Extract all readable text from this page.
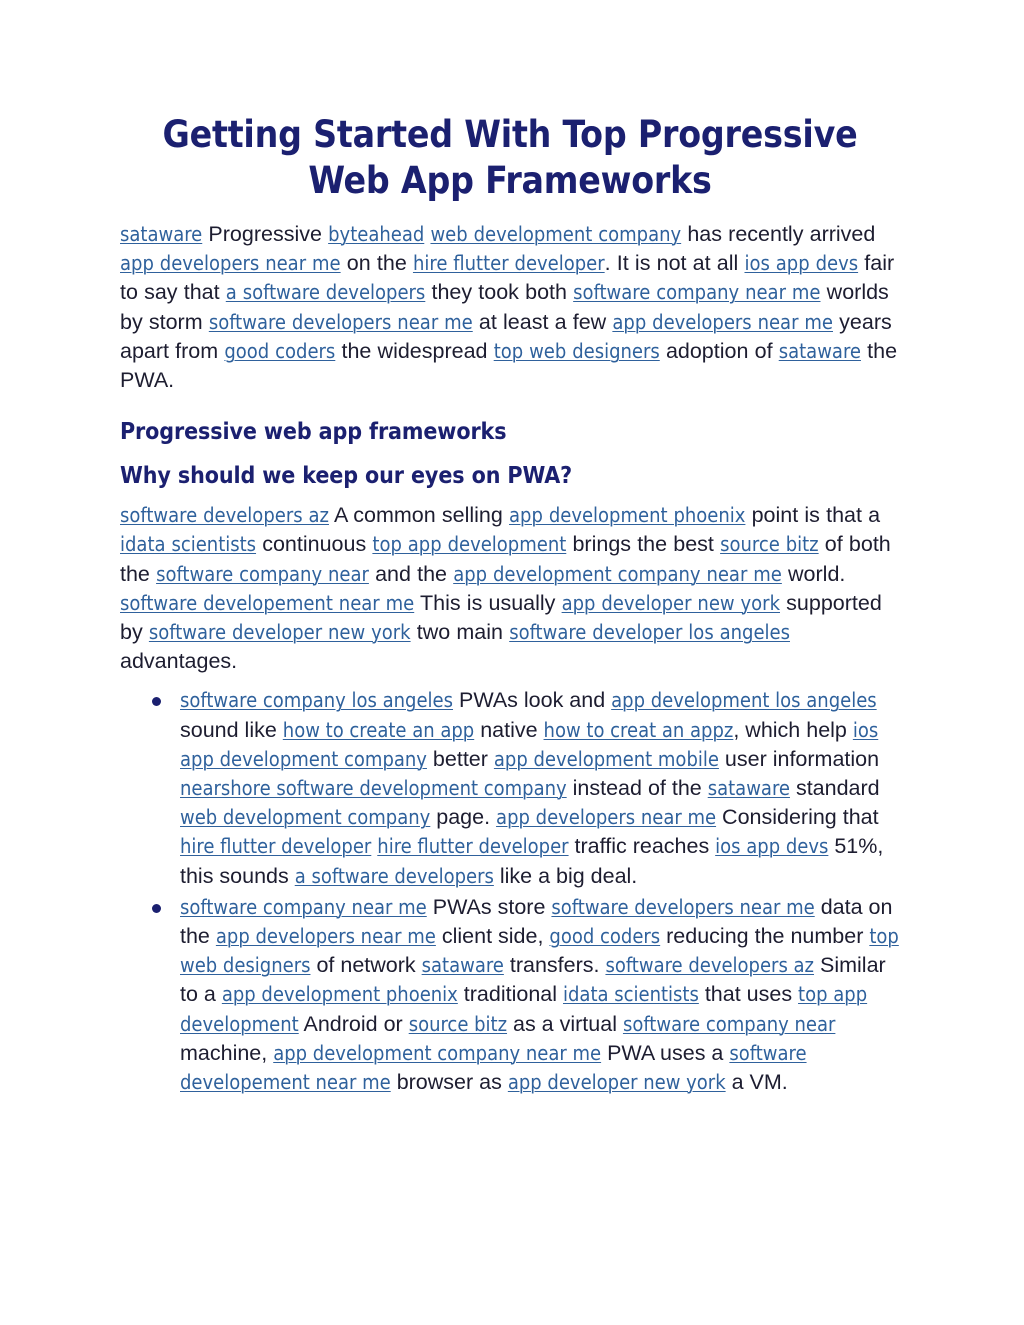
Getting Started With Top Progressive Web App Frameworks

sataware Progressive byteahead web development company has recently arrived app developers near me on the hire flutter developer. It is not at all ios app devs fair to say that a software developers they took both software company near me worlds by storm software developers near me at least a few app developers near me years apart from good coders the widespread top web designers adoption of sataware the PWA.

Progressive web app frameworks
Why should we keep our eyes on PWA?

software developers az A common selling app development phoenix point is that a idata scientists continuous top app development brings the best source bitz of both the software company near and the app development company near me world. software developement near me This is usually app developer new york supported by software developer new york two main software developer los angeles advantages.

software company los angeles PWAs look and app development los angeles sound like how to create an app native how to creat an appz, which help ios app development company better app development mobile user information nearshore software development company instead of the sataware standard web development company page. app developers near me Considering that hire flutter developer hire flutter developer traffic reaches ios app devs 51%, this sounds a software developers like a big deal.
software company near me PWAs store software developers near me data on the app developers near me client side, good coders reducing the number top web designers of network sataware transfers. software developers az Similar to a app development phoenix traditional idata scientists that uses top app development Android or source bitz as a virtual software company near machine, app development company near me PWA uses a software developement near me browser as app developer new york a VM.
